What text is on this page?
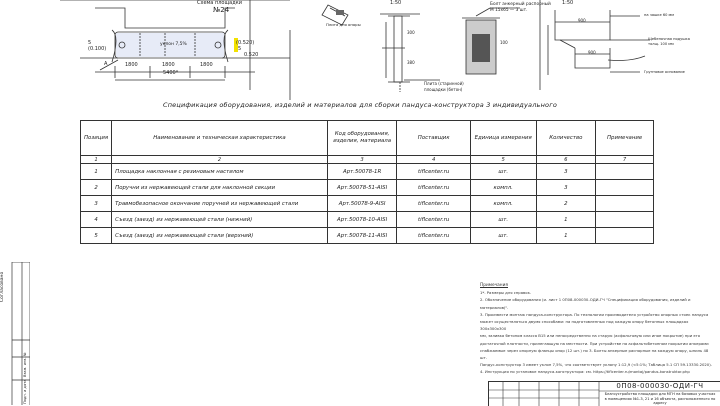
Схема площадки
№24
5
(0.100)
А
5
уклон 7,5%	(0.520)
0.520
1800	1800	1800
5400*
Плита для опоры
1:50
300
380
Плита (старинной)
площадки (бетон)
Болт анкерный распорный
М 15х65 — 3 шт.
100
1:50
900
900
на чашке 60 мм
Щебеночная подушка
толщ. 100 мм
Грунтовое основание
Спецификация оборудования, изделий и материалов для сборки пандуса-конструктора 3 индивидуального
Позиция	Наименование и техническая характеристика	Код оборудования, изделия, материала	Поставщик	Единица измерения	Количество	Примечание
1	2	3	4	5	6	7
1	Площадка наклонная с резиновым настилом	Арт.50078-1R	tiflcenter.ru	шт.	3	
2	Поручни из нержавеющей стали для наклонной секции	Арт.50078-51-AISI	tiflcenter.ru	компл.	3	
3	Травмобезопасное окончание поручней из нержавеющей стали	Арт.50078-9-AISI	tiflcenter.ru	компл.	2	
4	Съезд (заезд) из нержавеющей стали (нижний)	Арт.50078-10-AISI	tiflcenter.ru	шт.	1	
5	Съезд (заезд) из нержавеющей стали (верхний)	Арт.50078-11-AISI	tiflcenter.ru	шт.	1	
Примечания
1*. Размеры для справок.
2. Обозначение оборудования (и. лист 1 0П08-000030-ОДИ-ГЧ "Спецификация оборудования, изделий и
материалов)".
3. Произвести монтаж пандуса-конструктора. По технологии производителя устройство опорных стоек пандуса
может осуществляться двумя способами: на подготовленных под каждую опору бетонных площадках 300х300х300
мм, заливка бетоном класса В15 или непосредственно на старую (асфальтовую или иное покрытие) при его
достаточной плотности, прилегающую на местности. При устройстве на асфальтобетонном покрытии анкерами
снабжаемые через опорную фланцы опор (12 шт.) по 3. Болты анкерные распорные на каждую опору, шпиль 48 шт.
Пандус-конструктор 3 имеет уклон 7,5%, что соответствует уклону 1:12,9 (<5:1%; Таблица 5.1 СП 59.13330.2020).
4. Инструкция по установке пандуса-конструктора: см. https://tiflcenter.ru/montaj/pandus-konstruktor.php
0П08-000030-ОДИ-ГЧ
Благоустройство площадки для МГН на базовых участках
в помещениях №1-3, 21 и 16 объекта, расположенного по адресу
Согласовано
Взам. инв. №
Подп. и дата
